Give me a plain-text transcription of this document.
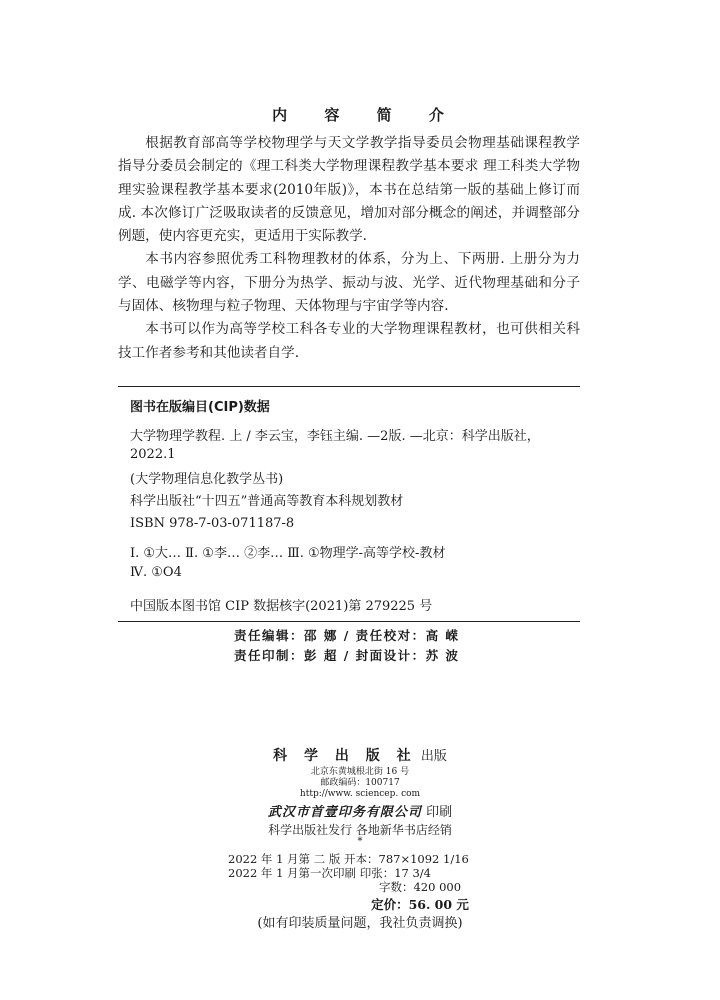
内 容 简 介

根据教育部高等学校物理学与天文学教学指导委员会物理基础课程教学指导分委员会制定的《理工科类大学物理课程教学基本要求 理工科类大学物理实验课程教学基本要求(2010年版)》，本书在总结第一版的基础上修订而成. 本次修订广泛吸取读者的反馈意见，增加对部分概念的阐述，并调整部分例题，使内容更充实，更适用于实际教学.

本书内容参照优秀工科物理教材的体系，分为上、下两册. 上册分为力学、电磁学等内容，下册分为热学、振动与波、光学、近代物理基础和分子与固体、核物理与粒子物理、天体物理与宇宙学等内容.

本书可以作为高等学校工科各专业的大学物理课程教材，也可供相关科技工作者参考和其他读者自学.

图书在版编目(CIP)数据
大学物理学教程. 上 / 李云宝，李钰主编. —2版. —北京：科学出版社，2022.1
(大学物理信息化教学丛书)
科学出版社“十四五”普通高等教育本科规划教材
ISBN 978-7-03-071187-8
Ⅰ. ①大… Ⅱ. ①李… ②李… Ⅲ. ①物理学-高等学校-教材
Ⅳ. ①O4
中国版本图书馆 CIP 数据核字(2021)第 279225 号
责任编辑：邵 娜 / 责任校对：高 嵘
责任印制：彭 超 / 封面设计：苏 波
科 学 出 版 社 出版
北京东黄城根北街 16 号
邮政编码：100717
http://www. sciencep. com
武汉市首壹印务有限公司 印刷
科学出版社发行 各地新华书店经销
*
2022 年 1 月第 二 版 开本：787×1092 1/16
2022 年 1 月第一次印刷 印张：17 3/4
字数：420 000
定价：56. 00 元
(如有印装质量问题，我社负责调换)
